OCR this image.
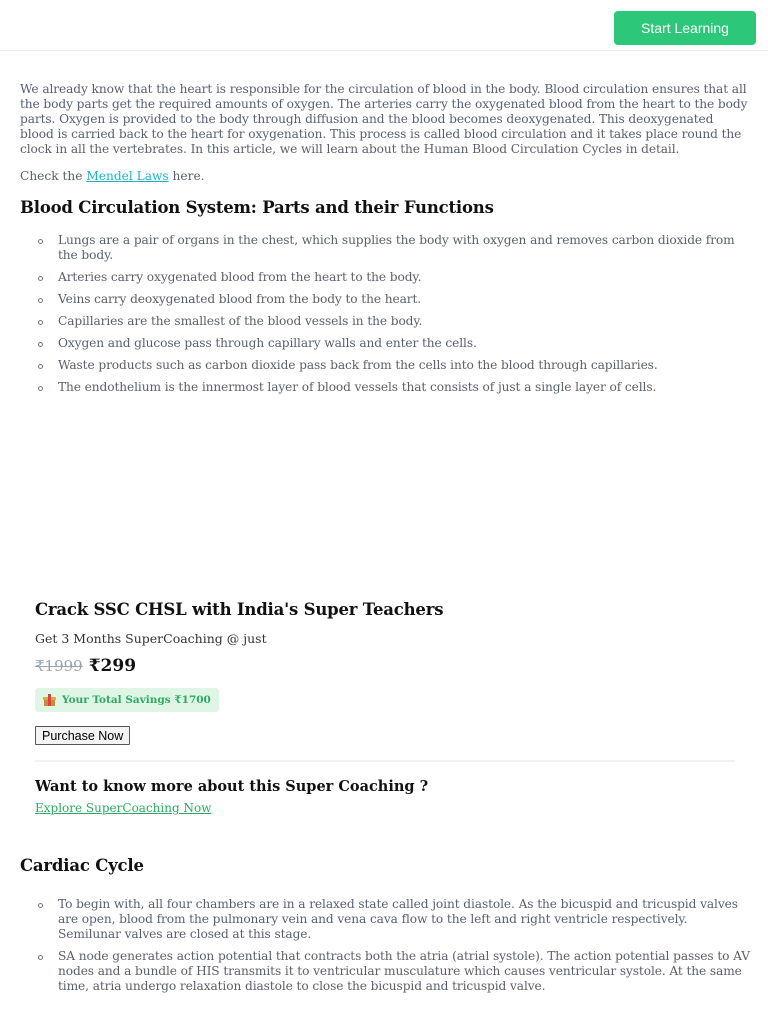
Start Learning

We already know that the heart is responsible for the circulation of blood in the body. Blood circulation ensures that all the body parts get the required amounts of oxygen. The arteries carry the oxygenated blood from the heart to the body parts. Oxygen is provided to the body through diffusion and the blood becomes deoxygenated. This deoxygenated blood is carried back to the heart for oxygenation. This process is called blood circulation and it takes place round the clock in all the vertebrates. In this article, we will learn about the Human Blood Circulation Cycles in detail.

Check the Mendel Laws here.

Blood Circulation System: Parts and their Functions
Lungs are a pair of organs in the chest, which supplies the body with oxygen and removes carbon dioxide from the body.
Arteries carry oxygenated blood from the heart to the body.
Veins carry deoxygenated blood from the body to the heart.
Capillaries are the smallest of the blood vessels in the body.
Oxygen and glucose pass through capillary walls and enter the cells.
Waste products such as carbon dioxide pass back from the cells into the blood through capillaries.
The endothelium is the innermost layer of blood vessels that consists of just a single layer of cells.
Crack SSC CHSL with India's Super Teachers

Get 3 Months SuperCoaching @ just

₹1999 ₹299
Your Total Savings ₹1700
Purchase Now
Want to know more about this Super Coaching ?
Explore SuperCoaching Now
Cardiac Cycle
To begin with, all four chambers are in a relaxed state called joint diastole. As the bicuspid and tricuspid valves are open, blood from the pulmonary vein and vena cava flow to the left and right ventricle respectively. Semilunar valves are closed at this stage.
SA node generates action potential that contracts both the atria (atrial systole). The action potential passes to AV nodes and a bundle of HIS transmits it to ventricular musculature which causes ventricular systole. At the same time, atria undergo relaxation diastole to close the bicuspid and tricuspid valve.
